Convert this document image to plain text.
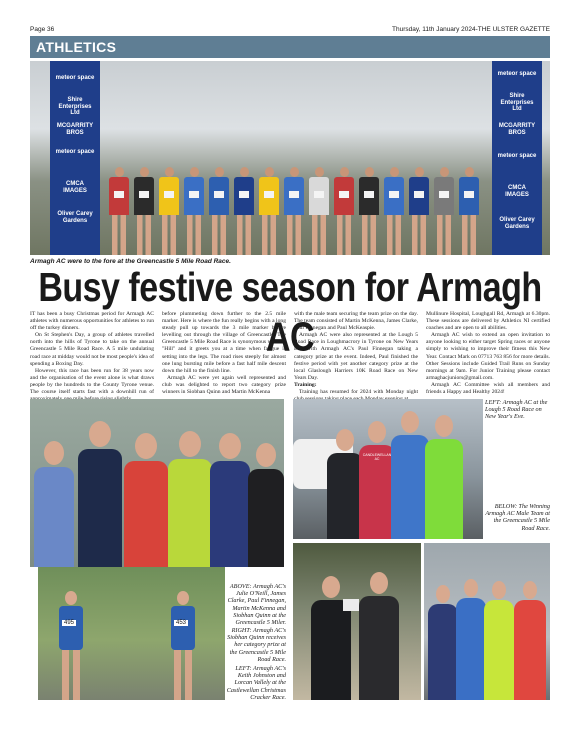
Page 36	Thursday, 11th January 2024-THE ULSTER GAZETTE
ATHLETICS
meteor space
Shire Enterprises Ltd
MCGARRITY BROS
meteor space
CMCA IMAGES
Oliver Carey Gardens
meteor space
Shire Enterprises Ltd
MCGARRITY BROS
meteor space
CMCA IMAGES
Oliver Carey Gardens
Armagh AC were to the fore at the Greencastle 5 Mile Road Race.
Busy festive season for Armagh AC

IT has been a busy Christmas period for Armagh AC athletes with numerous opportunities for athletes to run off the turkey dinners.

On St Stephen's Day, a group of athletes travelled north into the hills of Tyrone to take on the annual Greencastle 5 Mile Road Race. A 5 mile undulating road race at midday would not be most people's idea of spending a Boxing Day.

However, this race has been run for 38 years now and the organisation of the event alone is what draws people by the hundreds to the County Tyrone venue. The course itself starts fast with a downhill run of

before plummeting down further to the 2.5 mile marker. Here is where the fun really begins with a long steady pull up towards the 3 mile marker before levelling out through the village of Greencastle. The Greencastle 5 Mile Road Race is synonymous with the "Hill" and it greets you at a time when fatigue is setting into the legs. The road rises steeply for almost one lung bursting mile before a fast half mile descent down the hill to the finish line.

Armagh AC were yet again well represented and club was delighted to report two category prize winners in Siobhan Quinn and Martin McKenna

with the male team securing the team prize on the day. The team consisted of Martin McKenna, James Clarke, Paul Finnegan and Paul McKeaspie.

Armagh AC were also represented at the Lough 5 Road Race in Loughmacrory in Tyrone on New Years Eve with Armagh AC's Paul Finnegan taking a category prize at the event. Indeed, Paul finished the festive period with yet another category prize at the local Glaslough Harriers 10K Road Race on New Years Day.

Training:

Training has resumed for 2024 with Monday night

Mullinure Hospital, Loughgall Rd, Armagh at 6.30pm. These sessions are delivered by Athletics NI certified coaches and are open to all abilities.

Armagh AC wish to extend an open invitation to anyone looking to either target Spring races or anyone simply to wishing to improve their fitness this New Year. Contact Mark on 07713 763 856 for more details. Other Sessions include Guided Trail Runs on Sunday mornings at 9am. For Junior Training please contact armaghacjuniors@gmail.com.

Armagh AC Committee wish all members and friends a Happy and Healthy 2024!

495	453
ABOVE: Armagh AC's Julie O'Neill, James Clarke, Paul Finnegan, Martin McKenna and Siobhan Quinn at the Greencastle 5 Miler.
RIGHT: Armagh AC's Siobhan Quinn receives her category prize at the Greencastle 5 Mile Road Race.
LEFT: Armagh AC's Keith Johnston and Lorcan Vallely at the Castlewellan Christmas Cracker Race.
CANDLEWELLAN AC
LEFT: Armagh AC at the Lough 5 Road Race on New Year's Eve.
BELOW: The Winning Armagh AC Male Team at the Greencastle 5 Mile Road Race.
